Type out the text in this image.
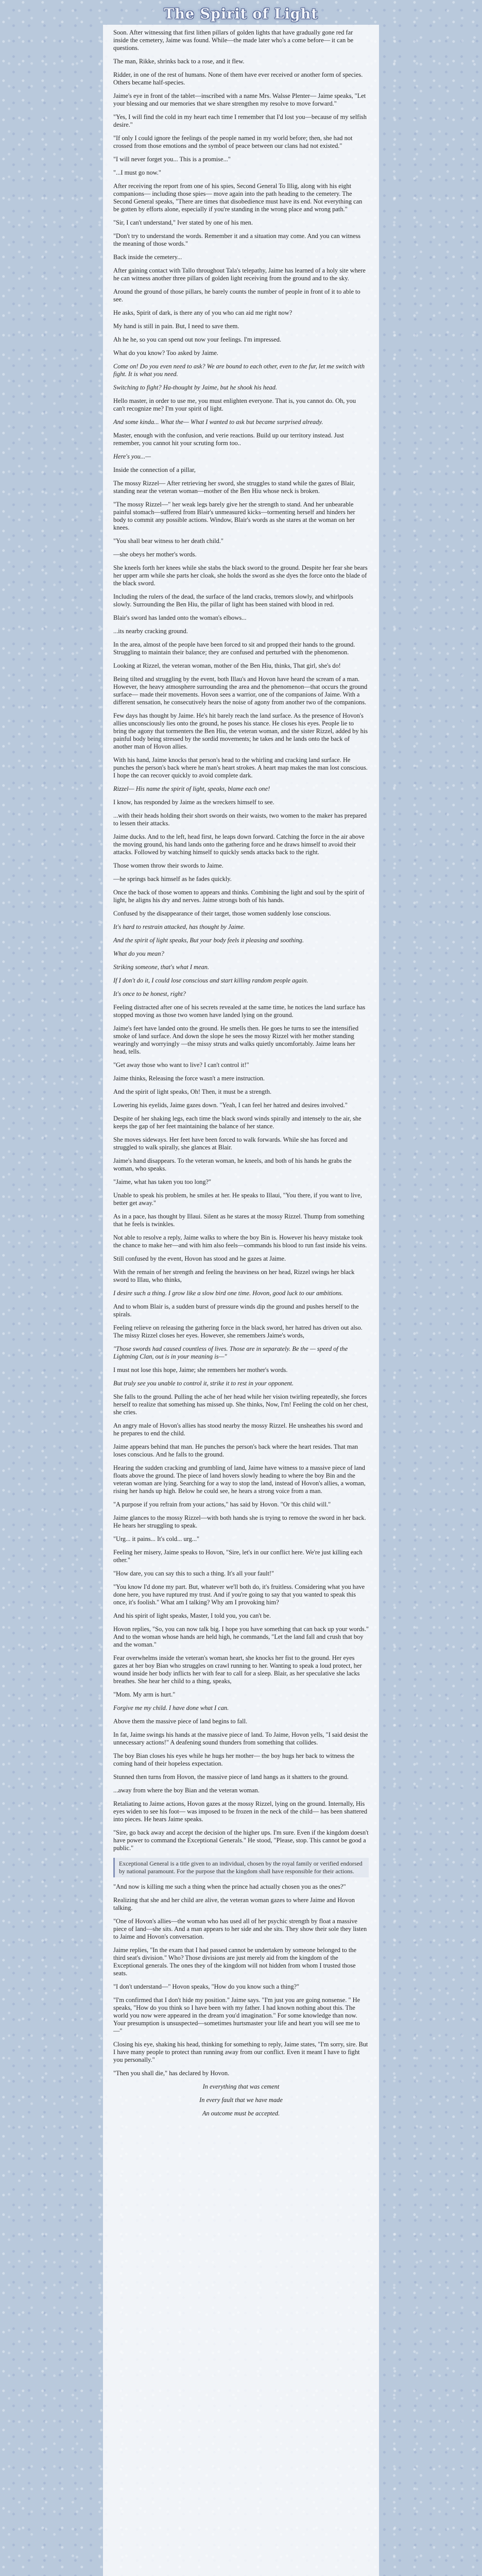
The Spirit of Light

Soon. After witnessing that first lithen pillars of golden lights that have gradually gone red far inside the cemetery, Jaime was found. While—the made later who's a come before— it can be questions.

The man, Rikke, shrinks back to a rose, and it flew.

Ridder, in one of the rest of humans. None of them have ever received or another form of species. Others became half-species.

Jaime's eye in front of the tablet—inscribed with a name Mrs. Walsse Plenter— Jaime speaks, "Let your blessing and our memories that we share strengthen my resolve to move forward."

"Yes, I will find the cold in my heart each time I remember that I'd lost you—because of my selfish desire."

"If only I could ignore the feelings of the people named in my world before; then, she had not crossed from those emotions and the symbol of peace between our clans had not existed."

"I will never forget you... This is a promise..."

"...I must go now."

After receiving the report from one of his spies, Second General To Illig, along with his eight companions— including those spies— move again into the path heading to the cemetery. The Second General speaks, "There are times that disobedience must have its end. Not everything can be gotten by efforts alone, especially if you're standing in the wrong place and wrong path."

"Sir, I can't understand," Iver stated by one of his men.

"Don't try to understand the words. Remember it and a situation may come. And you can witness the meaning of those words."

Back inside the cemetery...

After gaining contact with Tallo throughout Tala's telepathy, Jaime has learned of a holy site where he can witness another three pillars of golden light receiving from the ground and to the sky.

Around the ground of those pillars, he barely counts the number of people in front of it to able to see.

He asks, Spirit of dark, is there any of you who can aid me right now?

My hand is still in pain. But, I need to save them.

Ah he he, so you can spend out now your feelings. I'm impressed.

What do you know? Too asked by Jaime.

Come on! Do you even need to ask? We are bound to each other, even to the fur, let me switch with fight. It is what you need.

Switching to fight? Ha-thought by Jaime, but he shook his head.

Hello master, in order to use me, you must enlighten everyone. That is, you cannot do. Oh, you can't recognize me? I'm your spirit of light.

And some kinda... What the— What I wanted to ask but became surprised already.

Master, enough with the confusion, and verie reactions. Build up our territory instead. Just remember, you cannot hit your scruting form too..

Here's you...—

Inside the connection of a pillar,

The mossy Rizzel— After retrieving her sword, she struggles to stand while the gazes of Blair, standing near the veteran woman—mother of the Ben Hiu whose neck is broken.

"The mossy Rizzel—" her weak legs barely give her the strength to stand. And her unbearable painful stomach—suffered from Blair's unmeasured kicks—tormenting herself and hinders her body to commit any possible actions. Window, Blair's words as she stares at the woman on her knees.

"You shall bear witness to her death child."

—she obeys her mother's words.

She kneels forth her knees while she stabs the black sword to the ground. Despite her fear she bears her upper arm while she parts her cloak, she holds the sword as she dyes the force onto the blade of the black sword.

Including the rulers of the dead, the surface of the land cracks, tremors slowly, and whirlpools slowly. Surrounding the Ben Hiu, the pillar of light has been stained with blood in red.

Blair's sword has landed onto the woman's elbows...

...its nearby cracking ground.

In the area, almost of the people have been forced to sit and propped their hands to the ground. Struggling to maintain their balance; they are confused and perturbed with the phenomenon.

Looking at Rizzel, the veteran woman, mother of the Ben Hiu, thinks, That girl, she's do!

Being tilted and struggling by the event, both Illau's and Hovon have heard the scream of a man. However, the heavy atmosphere surrounding the area and the phenomenon—that occurs the ground surface— made their movements. Hovon sees a warrior, one of the companions of Jaime. With a different sensation, he consecutively hears the noise of agony from another two of the companions.

Few days has thought by Jaime. He's hit barely reach the land surface. As the presence of Hovon's allies unconsciously lies onto the ground, he poses his stance. He closes his eyes. People lie to bring the agony that tormenters the Ben Hiu, the veteran woman, and the sister Rizzel, added by his painful body being stressed by the sordid movements; he takes and he lands onto the back of another man of Hovon allies.

With his hand, Jaime knocks that person's head to the whirling and cracking land surface. He punches the person's back where he man's heart strokes. A heart map makes the man lost conscious. I hope the can recover quickly to avoid complete dark.

Rizzel— His name the spirit of light, speaks, blame each one!

I know, has responded by Jaime as the wreckers himself to see.

...with their heads holding their short swords on their waists, two women to the maker has prepared to lessen their attacks.

Jaime ducks. And to the left, head first, he leaps down forward. Catching the force in the air above the moving ground, his hand lands onto the gathering force and he draws himself to avoid their attacks. Followed by watching himself to quickly sends attacks back to the right.

Those women throw their swords to Jaime.

—he springs back himself as he fades quickly.

Once the back of those women to appears and thinks. Combining the light and soul by the spirit of light, he aligns his dry and nerves. Jaime strongs both of his hands.

Confused by the disappearance of their target, those women suddenly lose conscious.

It's hard to restrain attacked, has thought by Jaime.

And the spirit of light speaks, But your body feels it pleasing and soothing.

What do you mean?

Striking someone, that's what I mean.

If I don't do it, I could lose conscious and start killing random people again.

It's once to be honest, right?

Feeling distracted after one of his secrets revealed at the same time, he notices the land surface has stopped moving as those two women have landed lying on the ground.

Jaime's feet have landed onto the ground. He smells then. He goes he turns to see the intensified smoke of land surface. And down the slope he sees the mossy Rizzel with her mother standing wearingly and worryingly —the missy struts and walks quietly uncomfortably. Jaime leans her head, tells.

"Get away those who want to live? I can't control it!"

Jaime thinks, Releasing the force wasn't a mere instruction.

And the spirit of light speaks, Oh! Then, it must be a strength.

Lowering his eyelids, Jaime gazes down. "Yeah, I can feel her hatred and desires involved."

Despite of her shaking legs, each time the black sword winds spirally and intensely to the air, she keeps the gap of her feet maintaining the balance of her stance.

She moves sideways. Her feet have been forced to walk forwards. While she has forced and struggled to walk spirally, she glances at Blair.

Jaime's hand disappears. To the veteran woman, he kneels, and both of his hands he grabs the woman, who speaks.

"Jaime, what has taken you too long?"

Unable to speak his problem, he smiles at her. He speaks to Illaui, "You there, if you want to live, better get away."

As in a pace, has thought by Illaui. Silent as he stares at the mossy Rizzel. Thump from something that he feels is twinkles.

Not able to resolve a reply, Jaime walks to where the boy Bin is. However his heavy mistake took the chance to make her—and with him also feels—commands his blood to run fast inside his veins.

Still confused by the event, Hovon has stood and he gazes at Jaime.

With the remain of her strength and feeling the heaviness on her head, Rizzel swings her black sword to Illau, who thinks,

I desire such a thing. I grow like a slow bird one time. Hovon, good luck to our ambitions.

And to whom Blair is, a sudden burst of pressure winds dip the ground and pushes herself to the spirals.

Feeling relieve on releasing the gathering force in the black sword, her hatred has driven out also. The missy Rizzel closes her eyes. However, she remembers Jaime's words,

"Those swords had caused countless of lives. Those are in separately. Be the — speed of the Lightning Clan, out is in your meaning is—"

I must not lose this hope, Jaime; she remembers her mother's words.

But truly see you unable to control it, strike it to rest in your opponent.

She falls to the ground. Pulling the ache of her head while her vision twirling repeatedly, she forces herself to realize that something has missed up. She thinks, Now, I'm! Feeling the cold on her chest, she cries.

An angry male of Hovon's allies has stood nearby the mossy Rizzel. He unsheathes his sword and he prepares to end the child.

Jaime appears behind that man. He punches the person's back where the heart resides. That man loses conscious. And he falls to the ground.

Hearing the sudden cracking and grumbling of land, Jaime have witness to a massive piece of land floats above the ground. The piece of land hovers slowly heading to where the boy Bin and the veteran woman are lying. Searching for a way to stop the land, instead of Hovon's allies, a woman, rising her hands up high. Below he could see, he hears a strong voice from a man.

"A purpose if you refrain from your actions," has said by Hovon. "Or this child will."

Jaime glances to the mossy Rizzel—with both hands she is trying to remove the sword in her back. He hears her struggling to speak.

"Urg... it pains... It's cold... urg..."

Feeling her misery, Jaime speaks to Hovon, "Sire, let's in our conflict here. We're just killing each other."

"How dare, you can say this to such a thing. It's all your fault!"

"You know I'd done my part. But, whatever we'll both do, it's fruitless. Considering what you have done here, you have ruptured my trust. And if you're going to say that you wanted to speak this once, it's foolish." What am I talking? Why am I provoking him?

And his spirit of light speaks, Master, I told you, you can't be.

Hovon replies, "So, you can now talk big. I hope you have something that can back up your words." And to the woman whose hands are held high, he commands, "Let the land fall and crush that boy and the woman."

Fear overwhelms inside the veteran's woman heart, she knocks her fist to the ground. Her eyes gazes at her boy Bian who struggles on crawl running to her. Wanting to speak a loud protect, her wound inside her body inflicts her with fear to call for a sleep. Blair, as her speculative she lacks breathes. She hear her child to a thing, speaks,

"Mom. My arm is hurt."

Forgive me my child. I have done what I can.

Above them the massive piece of land begins to fall.

In fat, Jaime swings his hands at the massive piece of land. To Jaime, Hovon yells, "I said desist the unnecessary actions!" A deafening sound thunders from something that collides.

The boy Bian closes his eyes while he hugs her mother— the boy hugs her back to witness the coming hand of their hopeless expectation.

Stunned then turns from Hovon, the massive piece of land hangs as it shatters to the ground.

...away from where the boy Bian and the veteran woman.

Retaliating to Jaime actions, Hovon gazes at the mossy Rizzel, lying on the ground. Internally, His eyes widen to see his foot— was imposed to be frozen in the neck of the child— has been shattered into pieces. He hears Jaime speaks.

"Sire, go back away and accept the decision of the higher ups. I'm sure. Even if the kingdom doesn't have power to command the Exceptional Generals." He stood, "Please, stop. This cannot be good a public."

Exceptional General is a title given to an individual, chosen by the royal family or verified endorsed by national paramount. For the purpose that the kingdom shall have responsible for their actions.

"And now is killing me such a thing when the prince had actually chosen you as the ones?"

Realizing that she and her child are alive, the veteran woman gazes to where Jaime and Hovon talking.

"One of Hovon's allies—the woman who has used all of her psychic strength by float a massive piece of land—she sits. And a man appears to her side and she sits. They show their sole they listen to Jaime and Hovon's conversation.

Jaime replies, "In the exam that I had passed cannot be undertaken by someone belonged to the third seat's division." Who? Those divisions are just merely aid from the kingdom of the Exceptional generals. The ones they of the kingdom will not hidden from whom I trusted those seats.

"I don't understand—" Hovon speaks, "How do you know such a thing?"

"I'm confirmed that I don't hide my position." Jaime says. "I'm just you are going nonsense. " He speaks, "How do you think so I have been with my father. I had known nothing about this. The world you now were appeared in the dream you'd imagination." For some knowledge than now. Your presumption is unsuspected—sometimes hurtsmaster your life and heart you will see me to—"

Closing his eye, shaking his head, thinking for something to reply, Jaime states, "I'm sorry, sire. But I have many people to protect than running away from our conflict. Even it meant I have to fight you personally."

"Then you shall die," has declared by Hovon.

In everything that was cement

In every fault that we have made

An outcome must be accepted.
